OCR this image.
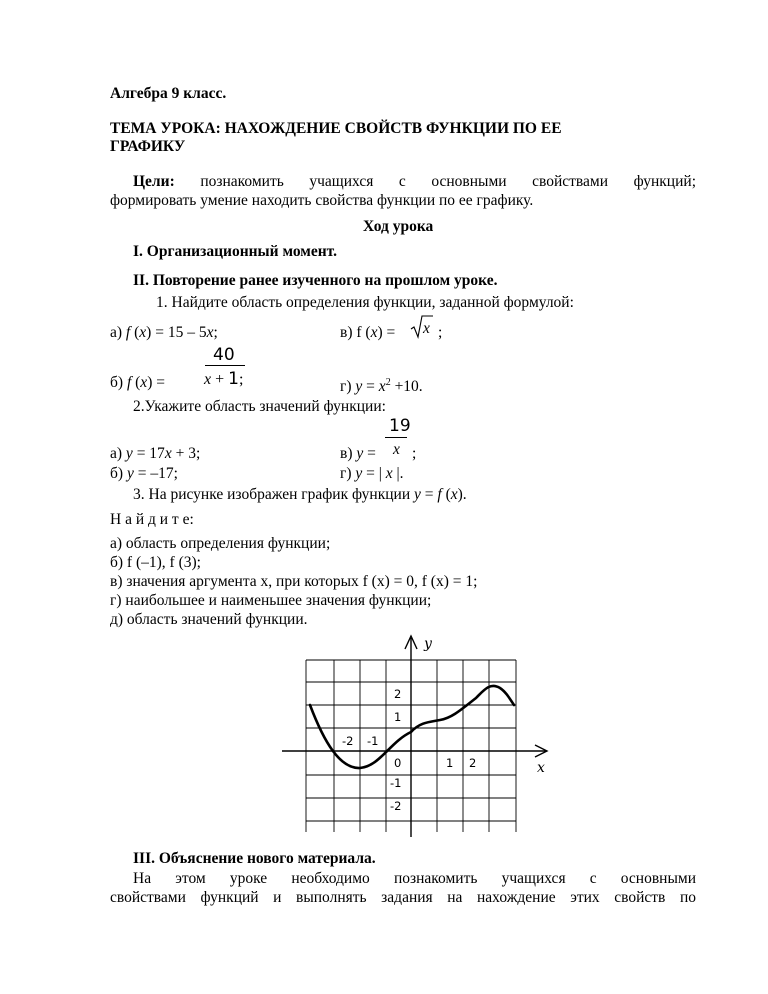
Алгебра 9 класс.
ТЕМА УРОКА: НАХОЖДЕНИЕ СВОЙСТВ ФУНКЦИИ ПО ЕЕ
ГРАФИКУ
Цели: познакомить учащихся с основными свойствами функций;
формировать умение находить свойства функции по ее графику.
Ход урока
I. Организационный момент.
II. Повторение ранее изученного на прошлом уроке.
1. Найдите область определения функции, заданной формулой:
а) f (x) = 15 – 5x;	в) f (x) = x ;
40
б) f (x) = x + 1;	г) $y = x^2 +10$.
2.Укажите область значений функции:
19
а) y = 17x + 3;	в) y = x ;
б) y = –17;	г) y = | x |.
3. На рисунке изображен график функции y = f (x).
Н а й д и т е:
а) область определения функции;
б) f (–1), f (3);
в) значения аргумента x, при которых f (x) = 0, f (x) = 1;
г) наибольшее и наименьшее значения функции;
д) область значений функции.
y
x
2
1
-2 -1
0	1 2
-1
-2
III. Объяснение нового материала.
На этом уроке необходимо познакомить учащихся с основными
свойствами функций и выполнять задания на нахождение этих свойств по
